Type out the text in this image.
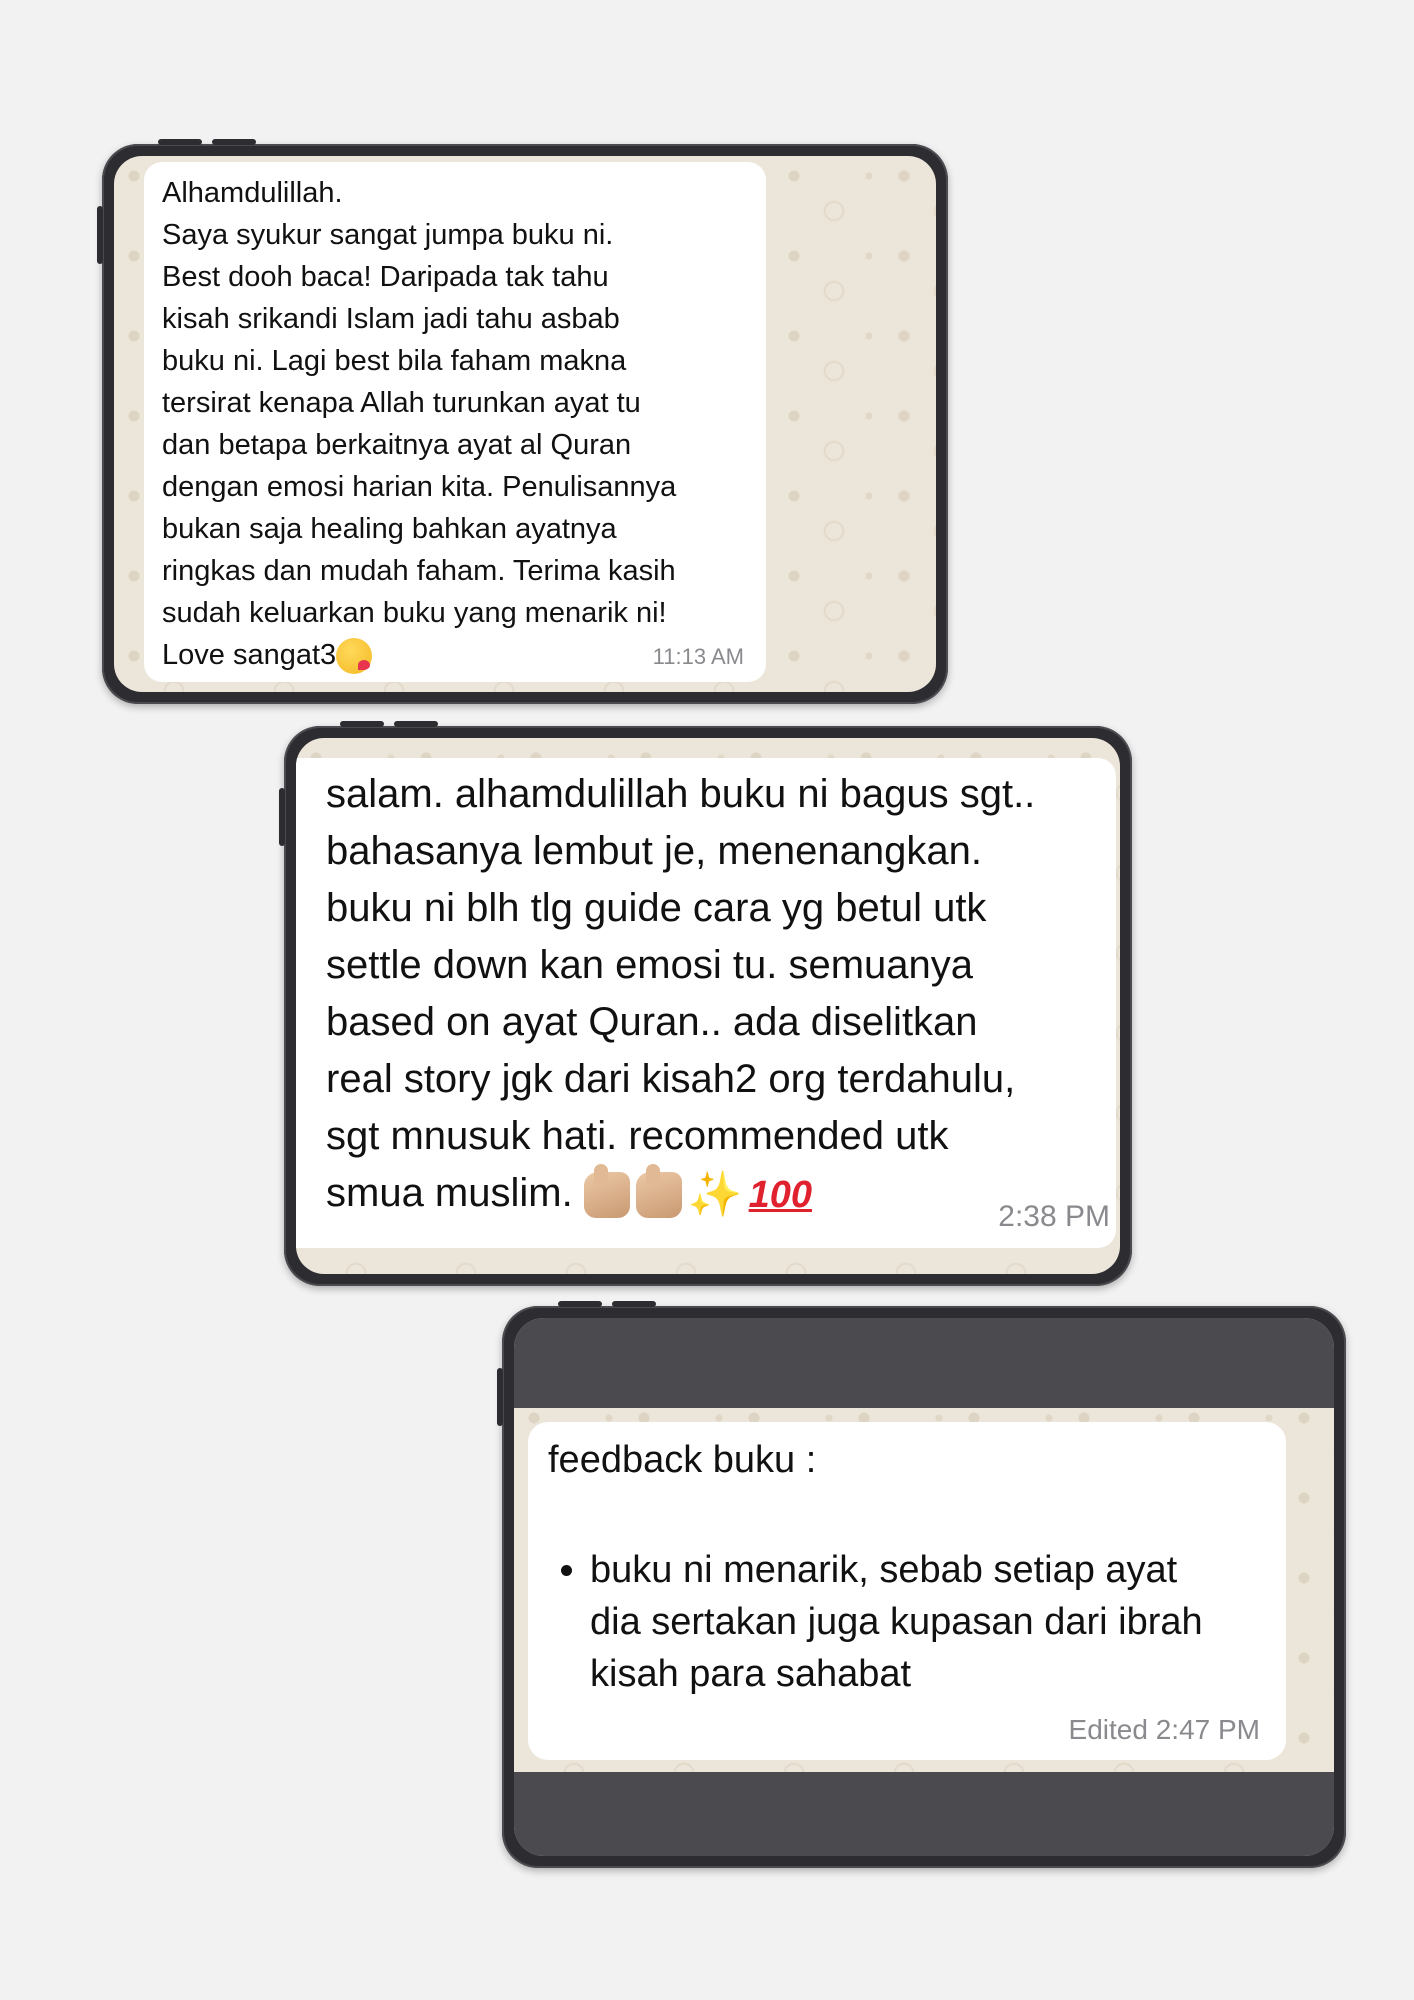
Alhamdulillah.
Saya syukur sangat jumpa buku ni.
Best dooh baca! Daripada tak tahu
kisah srikandi Islam jadi tahu asbab
buku ni. Lagi best bila faham makna
tersirat kenapa Allah turunkan ayat tu
dan betapa berkaitnya ayat al Quran
dengan emosi harian kita. Penulisannya
bukan saja healing bahkan ayatnya
ringkas dan mudah faham. Terima kasih
sudah keluarkan buku yang menarik ni!
Love sangat3	11:13 AM

salam. alhamdulillah buku ni bagus sgt..
bahasanya lembut je, menenangkan.
buku ni blh tlg guide cara yg betul utk
settle down kan emosi tu. semuanya
based on ayat Quran.. ada diselitkan
real story jgk dari kisah2 org terdahulu,
sgt mnusuk hati. recommended utk
smua muslim.	✨ 100

2:38 PM

feedback buku :

• buku ni menarik, sebab setiap ayat
dia sertakan juga kupasan dari ibrah
kisah para sahabat
Edited 2:47 PM
